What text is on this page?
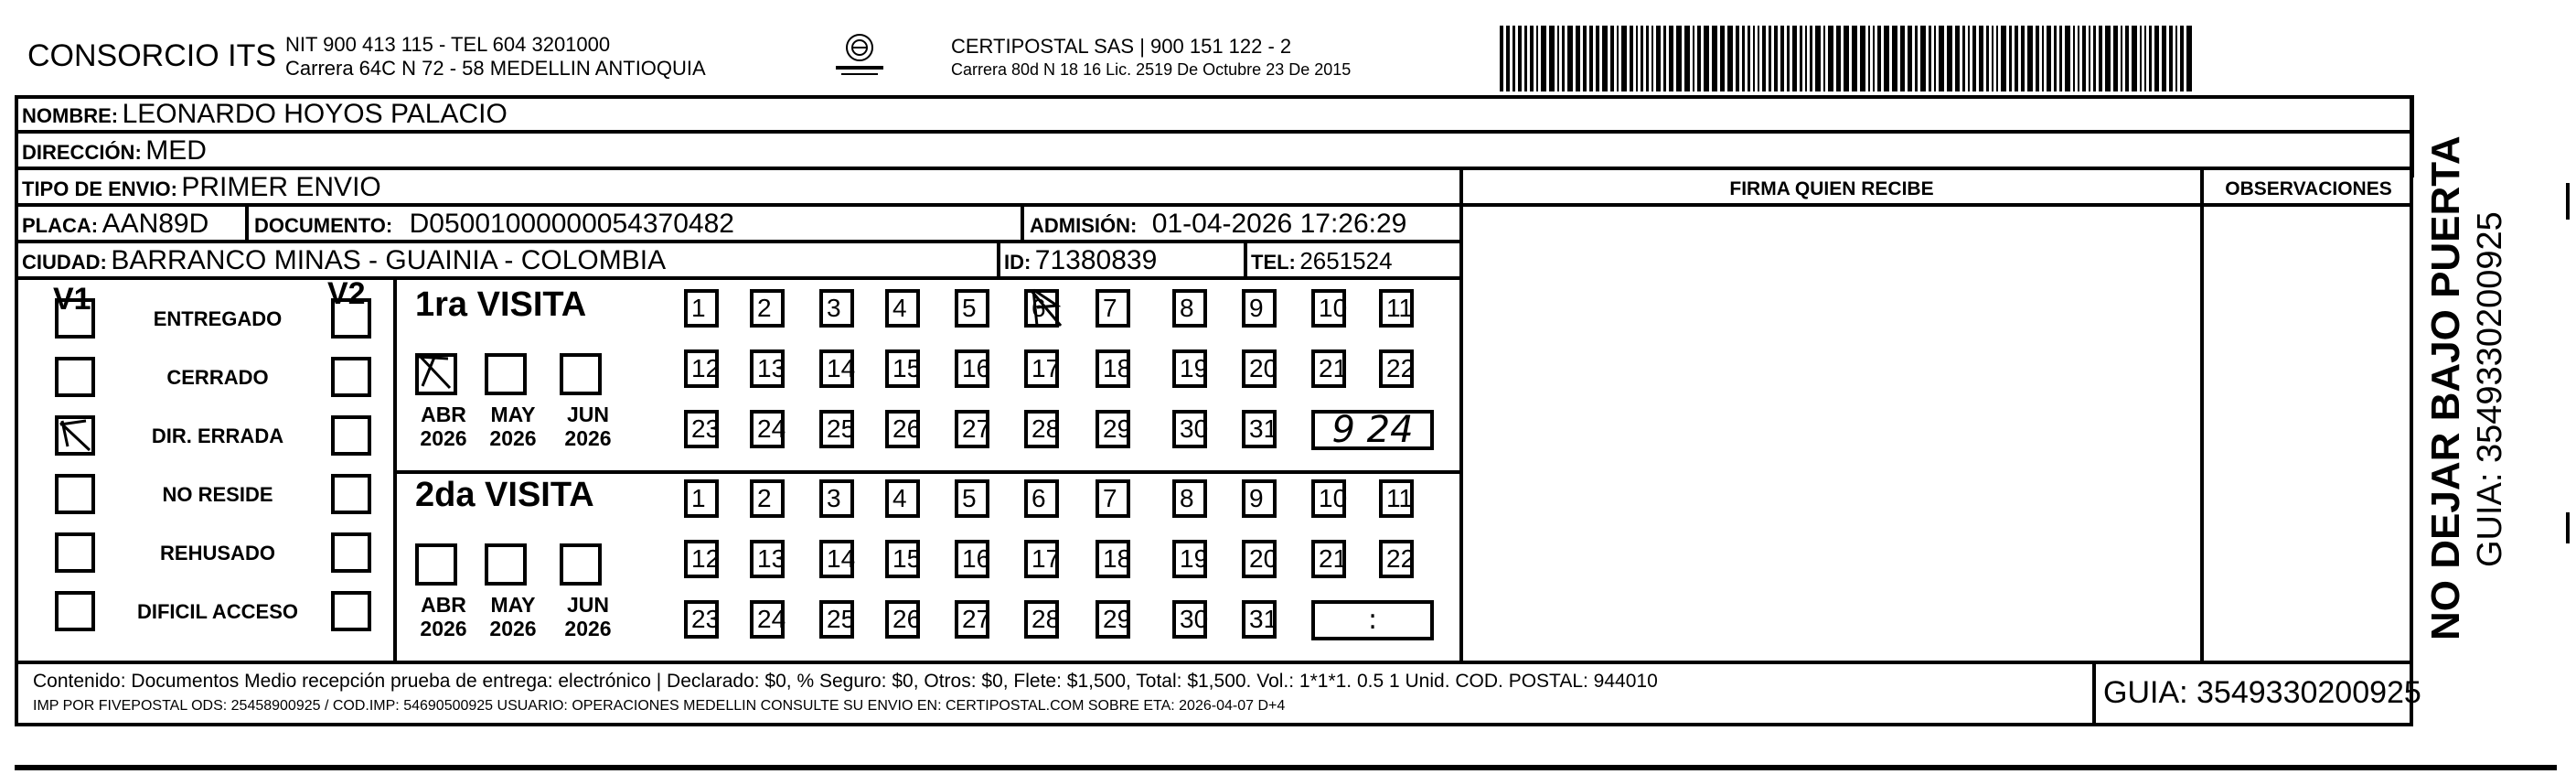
CONSORCIO ITS NIT 900 413 115 - TEL 604 3201000
Carrera 64C N 72 - 58 MEDELLIN ANTIOQUIA
CERTIPOSTAL SAS | 900 151 122 - 2
Carrera 80d N 18 16 Lic. 2519 De Octubre 23 De 2015
NOMBRE: LEONARDO HOYOS PALACIO
DIRECCIÓN: MED
TIPO DE ENVIO: PRIMER ENVIO
PLACA: AAN89D DOCUMENTO: D05001000000054370482	ADMISIÓN: 01-04-2026 17:26:29
CIUDAD: BARRANCO MINAS - GUAINIA - COLOMBIA	ID: 71380839	TEL: 2651524
FIRMA QUIEN RECIBE	OBSERVACIONES
V1	V2
ENTREGADO
CERRADO
DIR. ERRADA
NO RESIDE
REHUSADO
DIFICIL ACCESO
1ra VISITA
ABR
2026
MAY
2026
JUN
2026
1	2	3	4	5	6	7	8	9	10 11
12 13 14 15 16 17 18 19 20 21 22
23 24 25 26 27 28 29 30 31	9 24
2da VISITA
ABR
2026
MAY
2026
JUN
2026
1	2	3	4	5	6	7	8	9	10 11
12 13 14 15 16 17 18 19 20 21 22
23 24 25 26 27 28 29 30 31	:
Contenido: Documentos Medio recepción prueba de entrega: electrónico | Declarado: $0, % Seguro: $0, Otros: $0, Flete: $1,500, Total: $1,500. Vol.: 1*1*1. 0.5 1 Unid. COD. POSTAL: 944010
IMP POR FIVEPOSTAL ODS: 25458900925 / COD.IMP: 54690500925 USUARIO: OPERACIONES MEDELLIN CONSULTE SU ENVIO EN: CERTIPOSTAL.COM SOBRE ETA: 2026-04-07 D+4	GUIA: 3549330200925
NO DEJAR BAJO PUERTA GUIA: 3549330200925
